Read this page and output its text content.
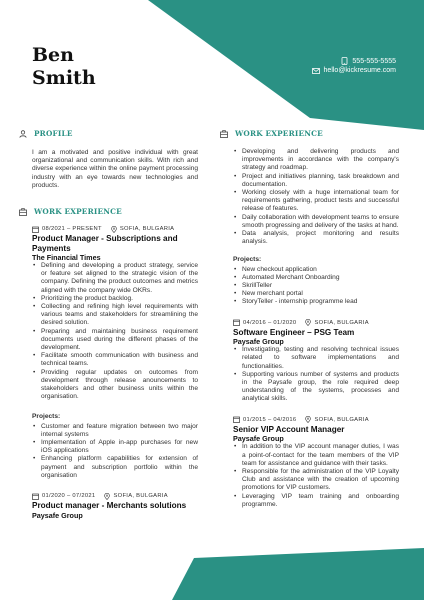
Ben
Smith
555-555-5555
hello@kickresume.com
PROFILE

I am a motivated and positive individual with great organizational and communication skills. With rich and diverse experience within the online payment processing industry with an eye towards new technologies and products.

WORK EXPERIENCE
08/2021 – PRESENT	SOFIA, BULGARIA
Product Manager - Subscriptions and Payments
The Financial Times
• Defining and developing a product strategy, service or feature set aligned to the strategic vision of the company. Defining the product outcomes and metrics aligned with the company wide OKRs.
• Prioritizing the product backlog.
• Collecting and refining high level requirements with various teams and stakeholders for streamlining the desired solution.
• Preparing and maintaining business requirement documents used during the different phases of the development.
• Facilitate smooth communication with business and technical teams.
• Providing regular updates on outcomes from development through release anouncements to stakeholders and other business units within the organisation.
Projects:
• Customer and feature migration between two major internal systems
• Implementation of Apple in-app purchases for new iOS applications
• Enhancing platform capabilities for extension of payment and subscription portfolio within the organisation
01/2020 – 07/2021	SOFIA, BULGARIA
Product manager - Merchants solutions
Paysafe Group
WORK EXPERIENCE
• Developing and delivering products and improvements in accordance with the company's strategy and roadmap.
• Project and initiatives planning, task breakdown and documentation.
• Working closely with a huge international team for requirements gathering, product tests and successful release of features.
• Daily collaboration with development teams to ensure smooth progressing and delivery of the tasks at hand.
• Data analysis, project monitoring and results analysis.
Projects:
• New checkout application
• Automated Merchant Onboarding
• SkrillTeller
• New merchant portal
• StoryTeller - internship programme lead
04/2016 – 01/2020	SOFIA, BULGARIA
Software Engineer – PSG Team
Paysafe Group
• Investigating, testing and resolving technical issues related to software implementations and functionalities.
• Supporting various number of systems and products in the Paysafe group, the role required deep understanding of the systems, processes and analytical skills.
01/2015 – 04/2016	SOFIA, BULGARIA
Senior VIP Account Manager
Paysafe Group
• In addition to the VIP account manager duties, I was a point-of-contact for the team members of the VIP team for assistance and guidance with their tasks.
• Responsible for the administration of the VIP Loyalty Club and assistance with the creation of upcoming promotions for VIP customers.
• Leveraging VIP team training and onboarding programme.
